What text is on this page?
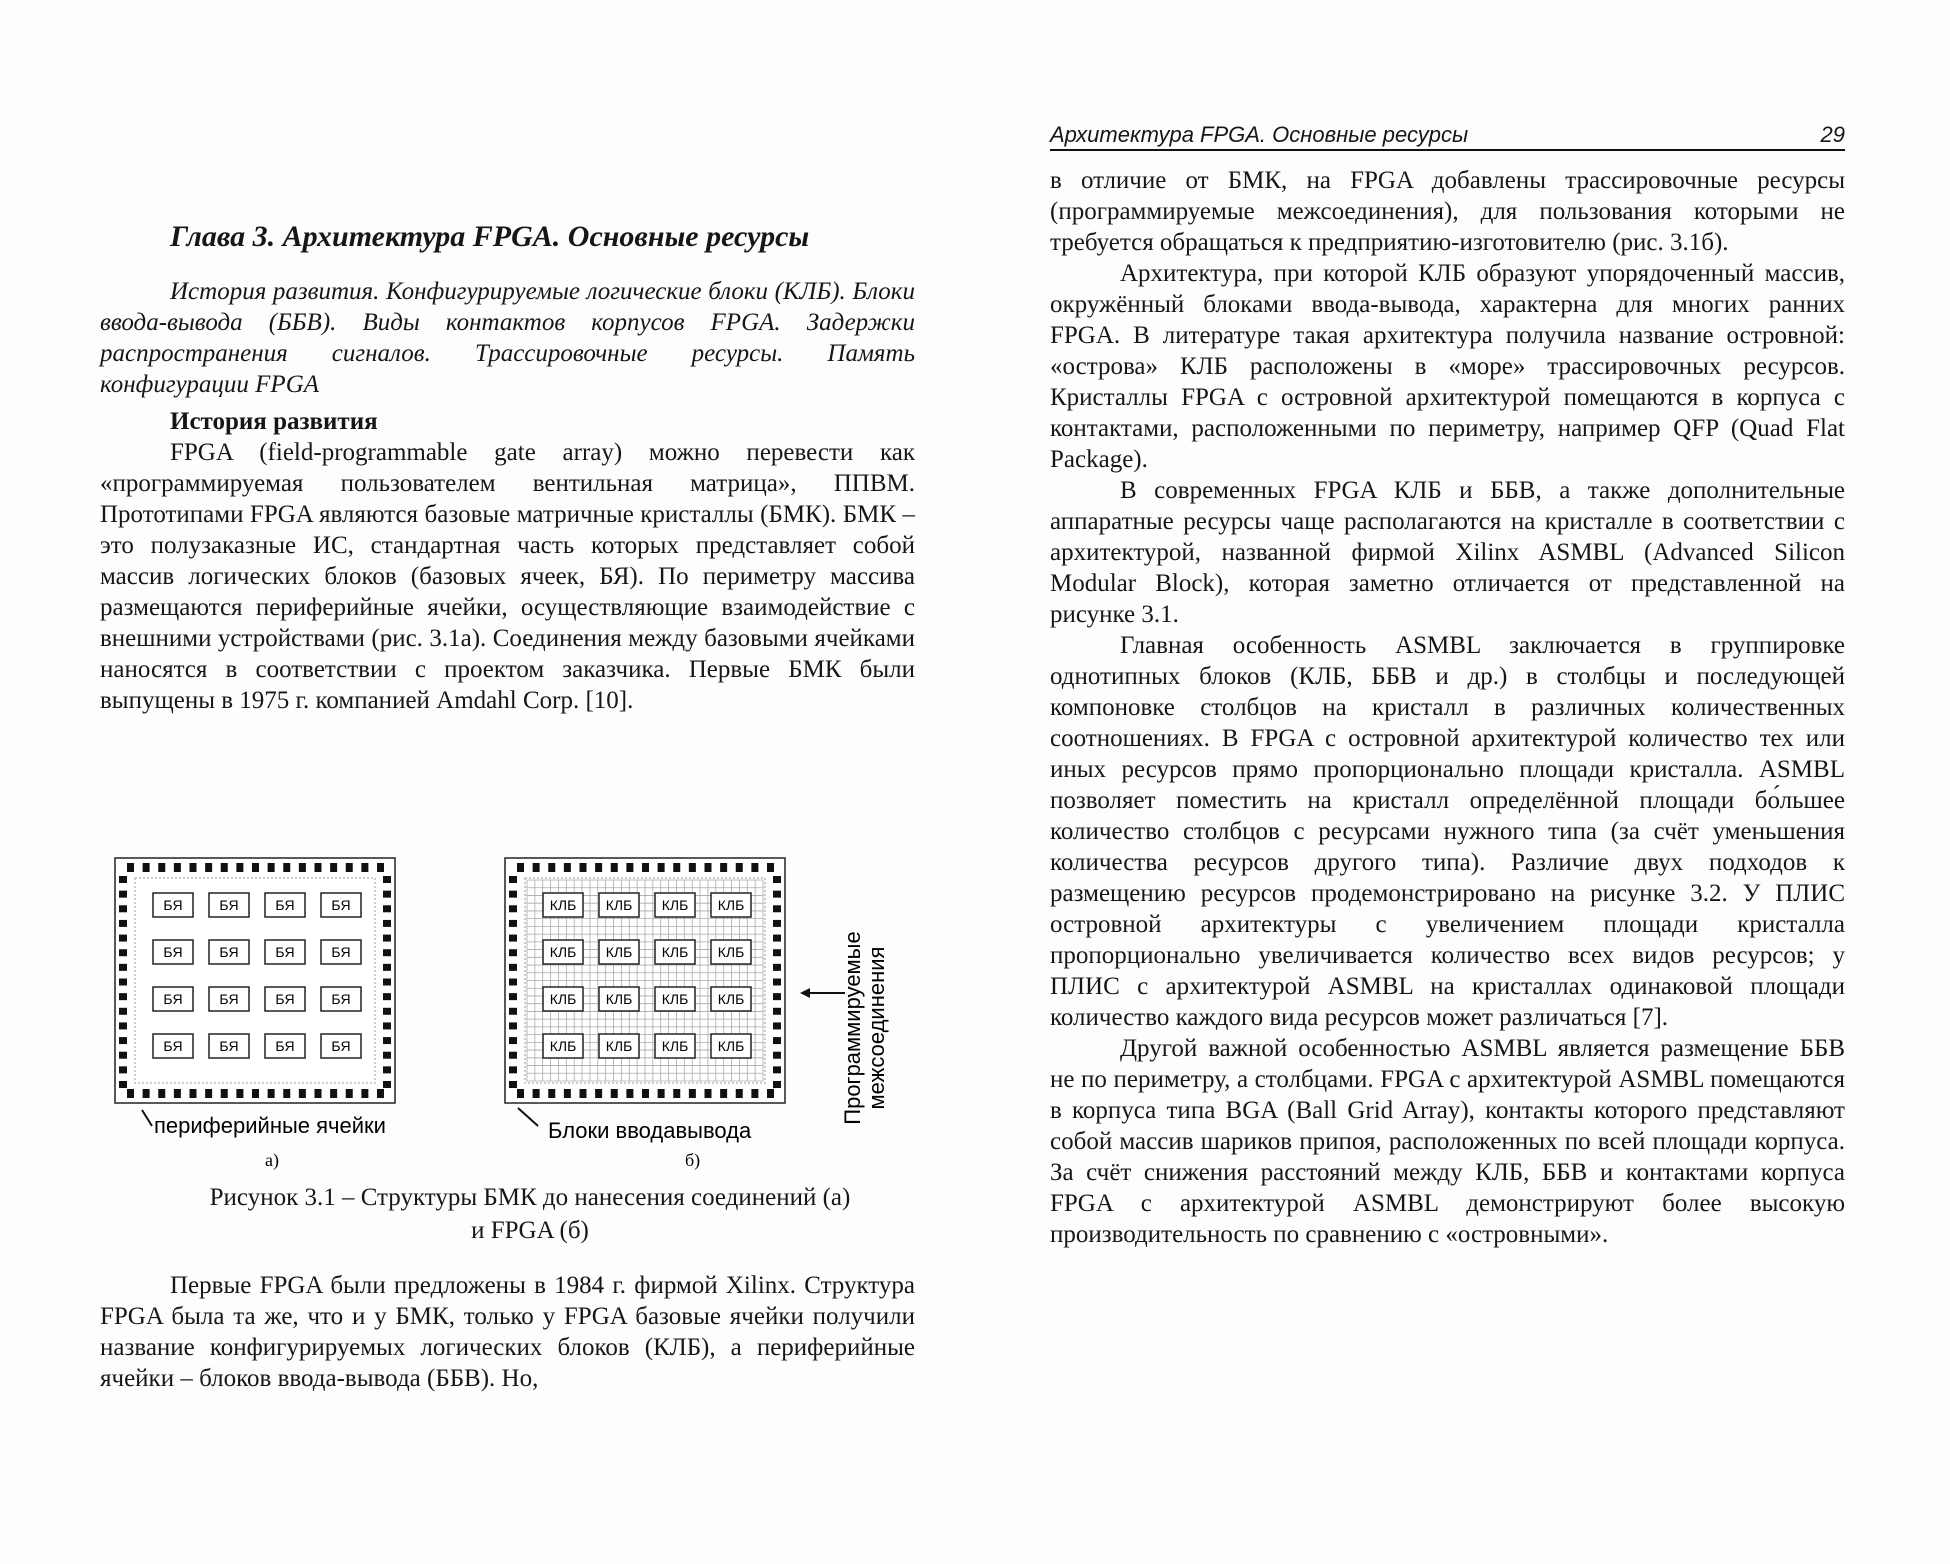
Глава 3. Архитектура FPGA. Основные ресурсы

История развития. Конфигурируемые логические блоки (КЛБ). Блоки ввода-вывода (ББВ). Виды контактов корпусов FPGA. Задержки распространения сигналов. Трассировочные ресурсы. Память конфигурации FPGA

История развития

FPGA (field-programmable gate array) можно перевести как «программируемая пользователем вентильная матрица», ППВМ. Прототипами FPGA являются базовые матричные кристаллы (БМК). БМК – это полузаказные ИС, стандартная часть которых представляет собой массив логических блоков (базовых ячеек, БЯ). По периметру массива размещаются периферийные ячейки, осуществляющие взаимодействие с внешними устройствами (рис. 3.1а). Соединения между базовыми ячейками наносятся в соответствии с проектом заказчика. Первые БМК были выпущены в 1975 г. компанией Amdahl Corp. [10].

БЯ	БЯ	БЯ	БЯ
БЯ	БЯ	БЯ	БЯ
БЯ	БЯ	БЯ	БЯ
БЯ	БЯ	БЯ	БЯ
КЛБ КЛБ КЛБ КЛБ
КЛБ КЛБ КЛБ КЛБ
КЛБ КЛБ КЛБ КЛБ
КЛБ КЛБ КЛБ КЛБ
периферийные ячейки	Блоки вводавывода
а)	б)
Программируемые межсоединения
Рисунок 3.1 – Структуры БМК до нанесения соединений (а)
и FPGA (б)

Первые FPGA были предложены в 1984 г. фирмой Xilinx. Структура FPGA была та же, что и у БМК, только у FPGA базовые ячейки получили название конфигурируемых логических блоков (КЛБ), а периферийные ячейки – блоков ввода-вывода (ББВ). Но,

Архитектура FPGA. Основные ресурсы	29

в отличие от БМК, на FPGA добавлены трассировочные ресурсы (программируемые межсоединения), для пользования которыми не требуется обращаться к предприятию-изготовителю (рис. 3.1б).

Архитектура, при которой КЛБ образуют упорядоченный массив, окружённый блоками ввода-вывода, характерна для многих ранних FPGA. В литературе такая архитектура получила название островной: «острова» КЛБ расположены в «море» трассировочных ресурсов. Кристаллы FPGA с островной архитектурой помещаются в корпуса с контактами, расположенными по периметру, например QFP (Quad Flat Package).

В современных FPGA КЛБ и ББВ, а также дополнительные аппаратные ресурсы чаще располагаются на кристалле в соответствии с архитектурой, названной фирмой Xilinx ASMBL (Advanced Silicon Modular Block), которая заметно отличается от представленной на рисунке 3.1.

Главная особенность ASMBL заключается в группировке однотипных блоков (КЛБ, ББВ и др.) в столбцы и последующей компоновке столбцов на кристалл в различных количественных соотношениях. В FPGA с островной архитектурой количество тех или иных ресурсов прямо пропорционально площади кристалла. ASMBL позволяет поместить на кристалл определённой площади бо́льшее количество столбцов с ресурсами нужного типа (за счёт уменьшения количества ресурсов другого типа). Различие двух подходов к размещению ресурсов продемонстрировано на рисунке 3.2. У ПЛИС островной архитектуры с увеличением площади кристалла пропорционально увеличивается количество всех видов ресурсов; у ПЛИС с архитектурой ASMBL на кристаллах одинаковой площади количество каждого вида ресурсов может различаться [7].

Другой важной особенностью ASMBL является размещение ББВ не по периметру, а столбцами. FPGA с архитектурой ASMBL помещаются в корпуса типа BGA (Ball Grid Array), контакты которого представляют собой массив шариков припоя, расположенных по всей площади корпуса. За счёт снижения расстояний между КЛБ, ББВ и контактами корпуса FPGA с архитектурой ASMBL демонстрируют более высокую производительность по сравнению с «островными».
